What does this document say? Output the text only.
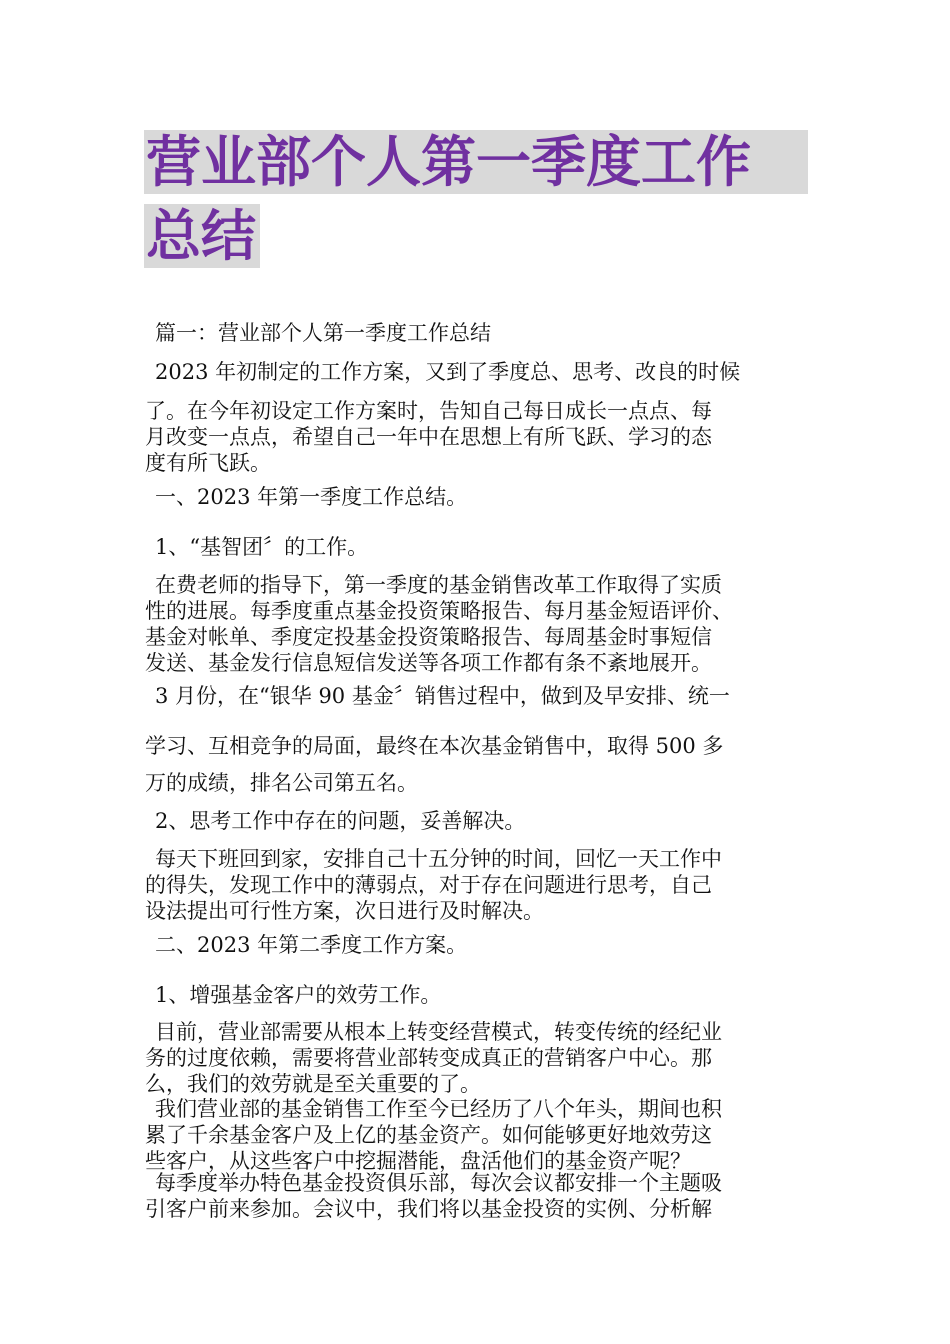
营业部个人第一季度工作
总结
篇一：营业部个人第一季度工作总结
2023 年初制定的工作方案，又到了季度总、思考、改良的时候
了。在今年初设定工作方案时，告知自己每日成长一点点、每
月改变一点点，希望自己一年中在思想上有所飞跃、学习的态
度有所飞跃。
一、2023 年第一季度工作总结。
1、“基智团〞的工作。
在费老师的指导下，第一季度的基金销售改革工作取得了实质
性的进展。每季度重点基金投资策略报告、每月基金短语评价、
基金对帐单、季度定投基金投资策略报告、每周基金时事短信
发送、基金发行信息短信发送等各项工作都有条不紊地展开。
3 月份，在“银华 90 基金〞销售过程中，做到及早安排、统一
学习、互相竞争的局面，最终在本次基金销售中，取得 500 多
万的成绩，排名公司第五名。
2、思考工作中存在的问题，妥善解决。
每天下班回到家，安排自己十五分钟的时间，回忆一天工作中
的得失，发现工作中的薄弱点，对于存在问题进行思考，自己
设法提出可行性方案，次日进行及时解决。
二、2023 年第二季度工作方案。
1、增强基金客户的效劳工作。
目前，营业部需要从根本上转变经营模式，转变传统的经纪业
务的过度依赖，需要将营业部转变成真正的营销客户中心。那
么，我们的效劳就是至关重要的了。
我们营业部的基金销售工作至今已经历了八个年头，期间也积
累了千余基金客户及上亿的基金资产。如何能够更好地效劳这
些客户，从这些客户中挖掘潜能，盘活他们的基金资产呢？
每季度举办特色基金投资俱乐部，每次会议都安排一个主题吸
引客户前来参加。会议中，我们将以基金投资的实例、分析解
